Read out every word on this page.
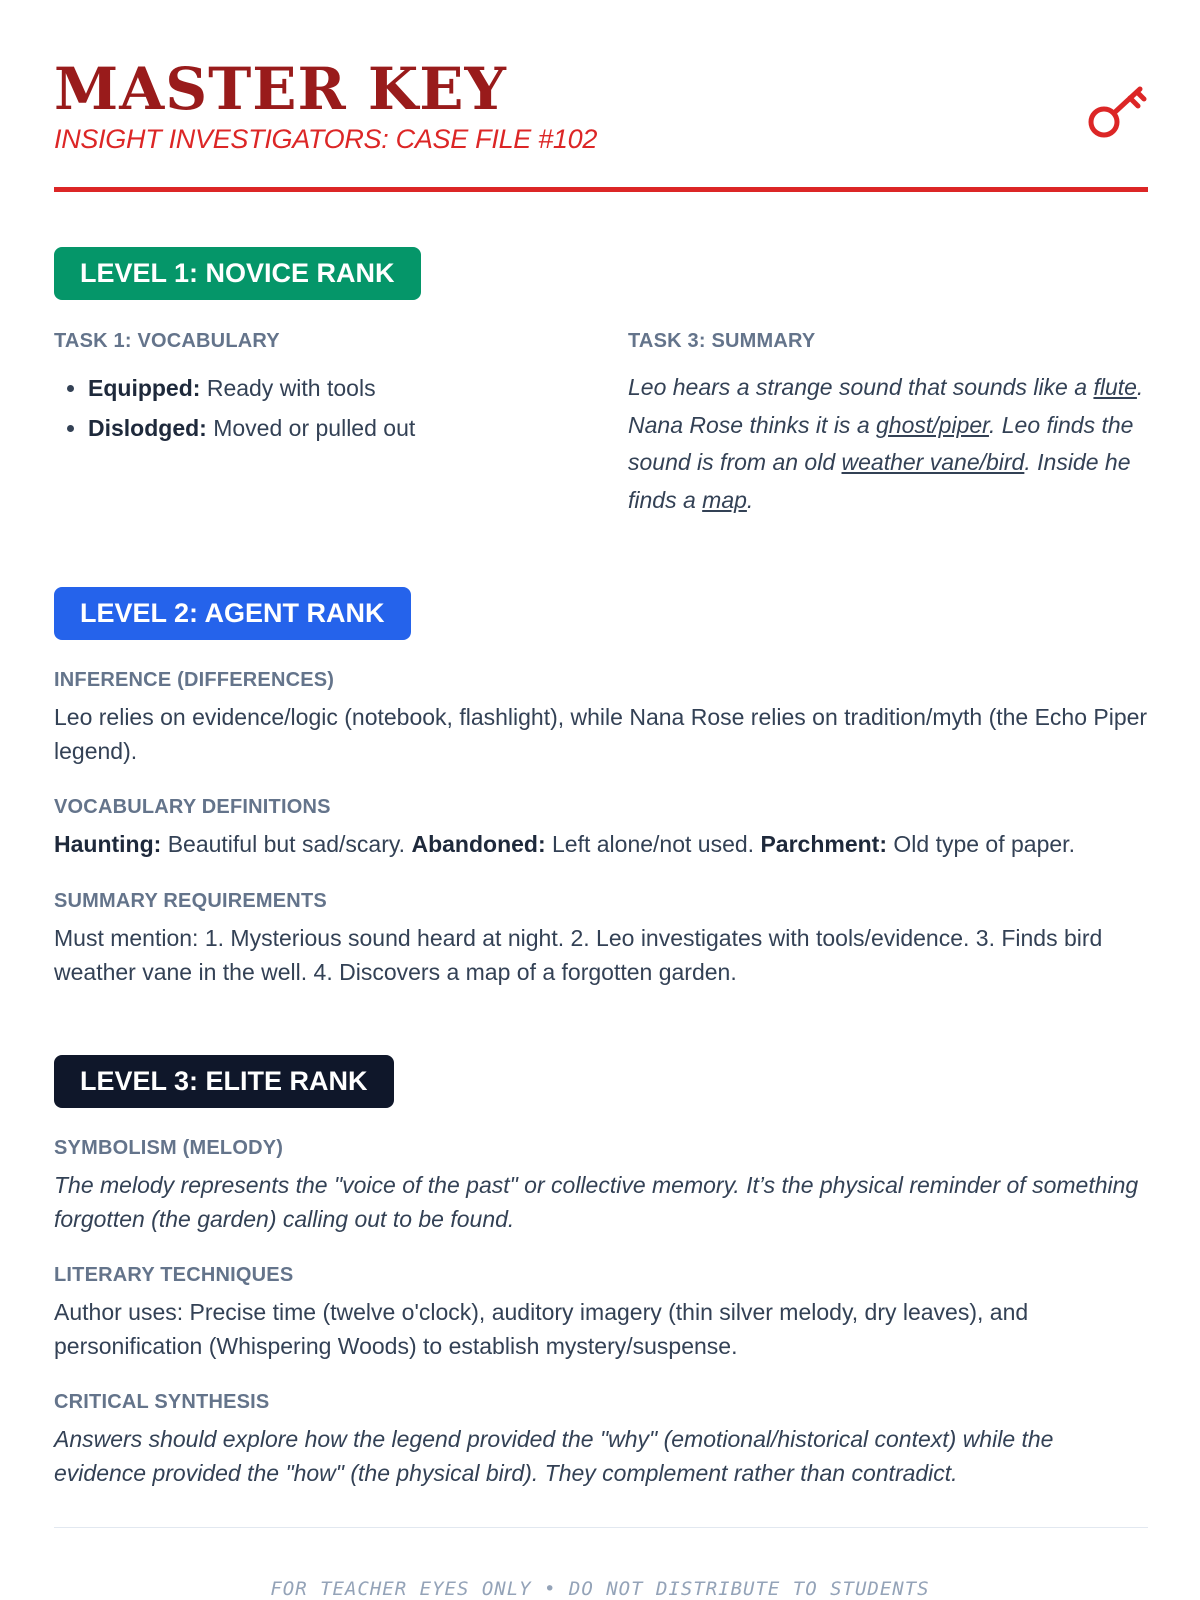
MASTER KEY
INSIGHT INVESTIGATORS: CASE FILE #102
LEVEL 1: NOVICE RANK
TASK 1: VOCABULARY
• Equipped: Ready with tools
• Dislodged: Moved or pulled out
TASK 3: SUMMARY
Leo hears a strange sound that sounds like a flute. Nana Rose thinks it is a ghost/piper. Leo finds the sound is from an old weather vane/bird. Inside he finds a map.
LEVEL 2: AGENT RANK
INFERENCE (DIFFERENCES)
Leo relies on evidence/logic (notebook, flashlight), while Nana Rose relies on tradition/myth (the Echo Piper legend).
VOCABULARY DEFINITIONS
Haunting: Beautiful but sad/scary. Abandoned: Left alone/not used. Parchment: Old type of paper.
SUMMARY REQUIREMENTS
Must mention: 1. Mysterious sound heard at night. 2. Leo investigates with tools/evidence. 3. Finds bird weather vane in the well. 4. Discovers a map of a forgotten garden.
LEVEL 3: ELITE RANK
SYMBOLISM (MELODY)
The melody represents the "voice of the past" or collective memory. It’s the physical reminder of something forgotten (the garden) calling out to be found.
LITERARY TECHNIQUES
Author uses: Precise time (twelve o'clock), auditory imagery (thin silver melody, dry leaves), and personification (Whispering Woods) to establish mystery/suspense.
CRITICAL SYNTHESIS
Answers should explore how the legend provided the "why" (emotional/historical context) while the evidence provided the "how" (the physical bird). They complement rather than contradict.
FOR TEACHER EYES ONLY • DO NOT DISTRIBUTE TO STUDENTS
